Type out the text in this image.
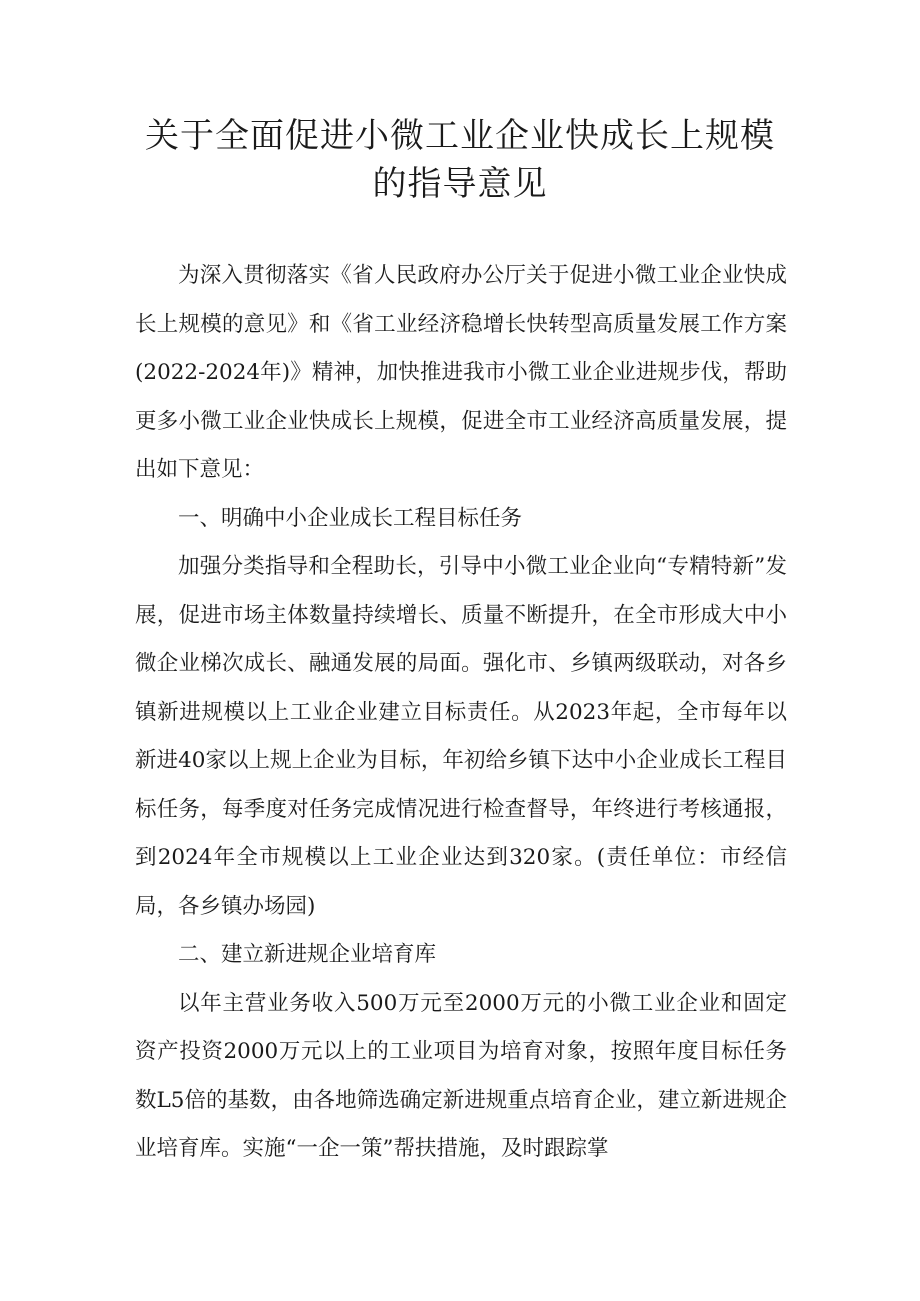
关于全面促进小微工业企业快成长上规模
的指导意见

为深入贯彻落实《省人民政府办公厅关于促进小微工业企业快成长上规模的意见》和《省工业经济稳增长快转型高质量发展工作方案(2022-2024年)》精神，加快推进我市小微工业企业进规步伐，帮助更多小微工业企业快成长上规模，促进全市工业经济高质量发展，提出如下意见：

一、明确中小企业成长工程目标任务

加强分类指导和全程助长，引导中小微工业企业向“专精特新”发展，促进市场主体数量持续增长、质量不断提升，在全市形成大中小微企业梯次成长、融通发展的局面。强化市、乡镇两级联动，对各乡镇新进规模以上工业企业建立目标责任。从2023年起，全市每年以新进40家以上规上企业为目标，年初给乡镇下达中小企业成长工程目标任务，每季度对任务完成情况进行检查督导，年终进行考核通报，到2024年全市规模以上工业企业达到320家。(责任单位：市经信局，各乡镇办场园)

二、建立新进规企业培育库

以年主营业务收入500万元至2000万元的小微工业企业和固定资产投资2000万元以上的工业项目为培育对象，按照年度目标任务数L5倍的基数，由各地筛选确定新进规重点培育企业，建立新进规企业培育库。实施“一企一策”帮扶措施，及时跟踪掌
